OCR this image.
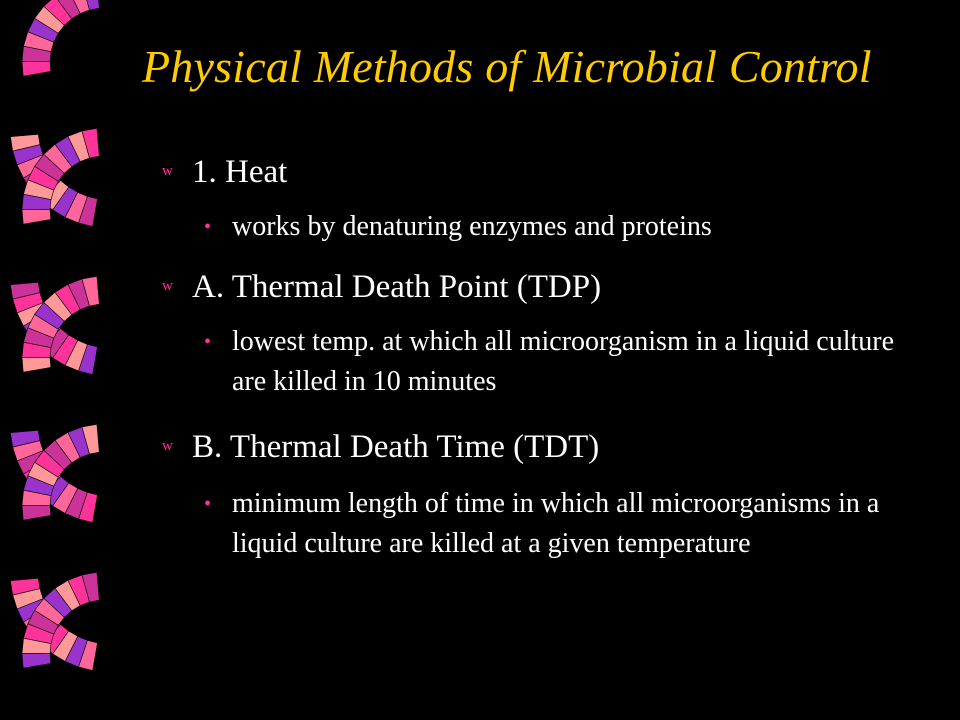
Physical Methods of Microbial Control
w 1. Heat
• works by denaturing enzymes and proteins
w A. Thermal Death Point (TDP)
• lowest temp. at which all microorganism in a liquid culture are killed in 10 minutes
w B. Thermal Death Time (TDT)
• minimum length of time in which all microorganisms in a liquid culture are killed at a given temperature
